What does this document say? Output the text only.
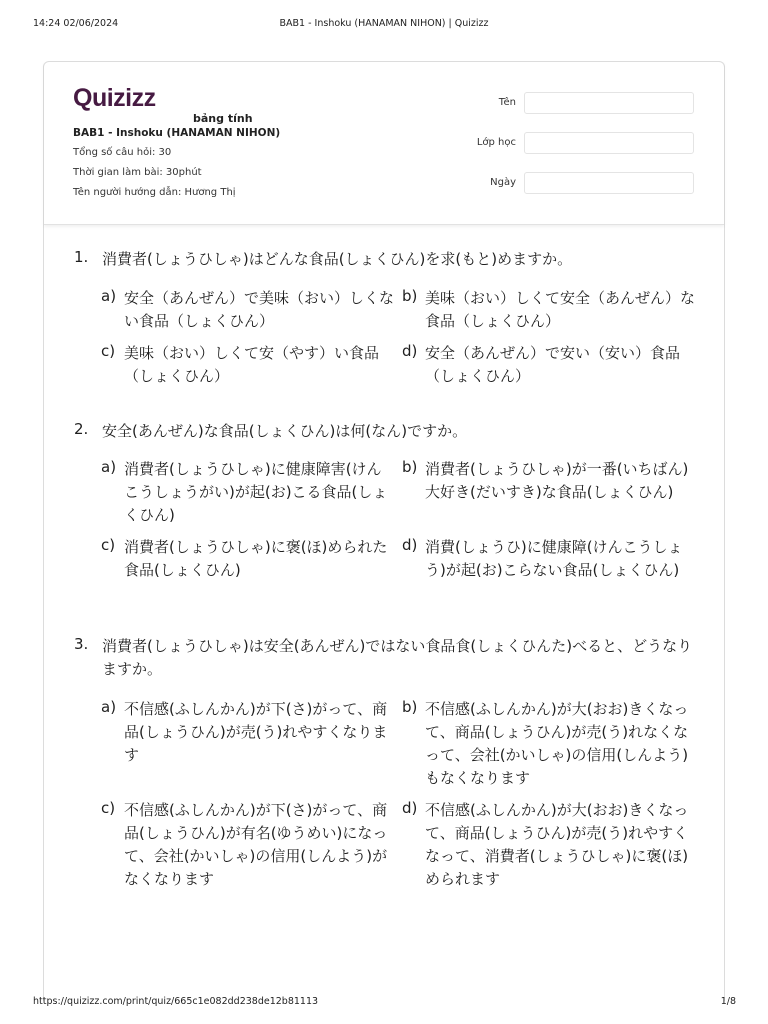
14:24 02/06/2024	BAB1 - Inshoku (HANAMAN NIHON) | Quizizz
Quizizz
bảng tính
BAB1 - Inshoku (HANAMAN NIHON)
Tổng số câu hỏi: 30
Thời gian làm bài: 30phút
Tên người hướng dẫn: Hương Thị
Tên
Lớp học
Ngày
1. 消費者(しょうひしゃ)はどんな食品(しょくひん)を求(もと)めますか。
a) 安全（あんぜん）で美味（おい）しくない食品（しょくひん）
b) 美味（おい）しくて安全（あんぜん）な食品（しょくひん）
c) 美味（おい）しくて安（やす）い食品（しょくひん）
d) 安全（あんぜん）で安い（安い）食品（しょくひん）
2. 安全(あんぜん)な食品(しょくひん)は何(なん)ですか。
a) 消費者(しょうひしゃ)に健康障害(けんこうしょうがい)が起(お)こる食品(しょくひん)
b) 消費者(しょうひしゃ)が一番(いちばん)大好き(だいすき)な食品(しょくひん)
c) 消費者(しょうひしゃ)に褒(ほ)められた食品(しょくひん)
d) 消費(しょうひ)に健康障(けんこうしょう)が起(お)こらない食品(しょくひん)
3. 消費者(しょうひしゃ)は安全(あんぜん)ではない食品食(しょくひんた)べると、どうなりますか。
a) 不信感(ふしんかん)が下(さ)がって、商品(しょうひん)が売(う)れやすくなります
b) 不信感(ふしんかん)が大(おお)きくなって、商品(しょうひん)が売(う)れなくなって、会社(かいしゃ)の信用(しんよう)もなくなります
c) 不信感(ふしんかん)が下(さ)がって、商品(しょうひん)が有名(ゆうめい)になって、会社(かいしゃ)の信用(しんよう)がなくなります
d) 不信感(ふしんかん)が大(おお)きくなって、商品(しょうひん)が売(う)れやすくなって、消費者(しょうひしゃ)に褒(ほ)められます
https://quizizz.com/print/quiz/665c1e082dd238de12b81113	1/8
